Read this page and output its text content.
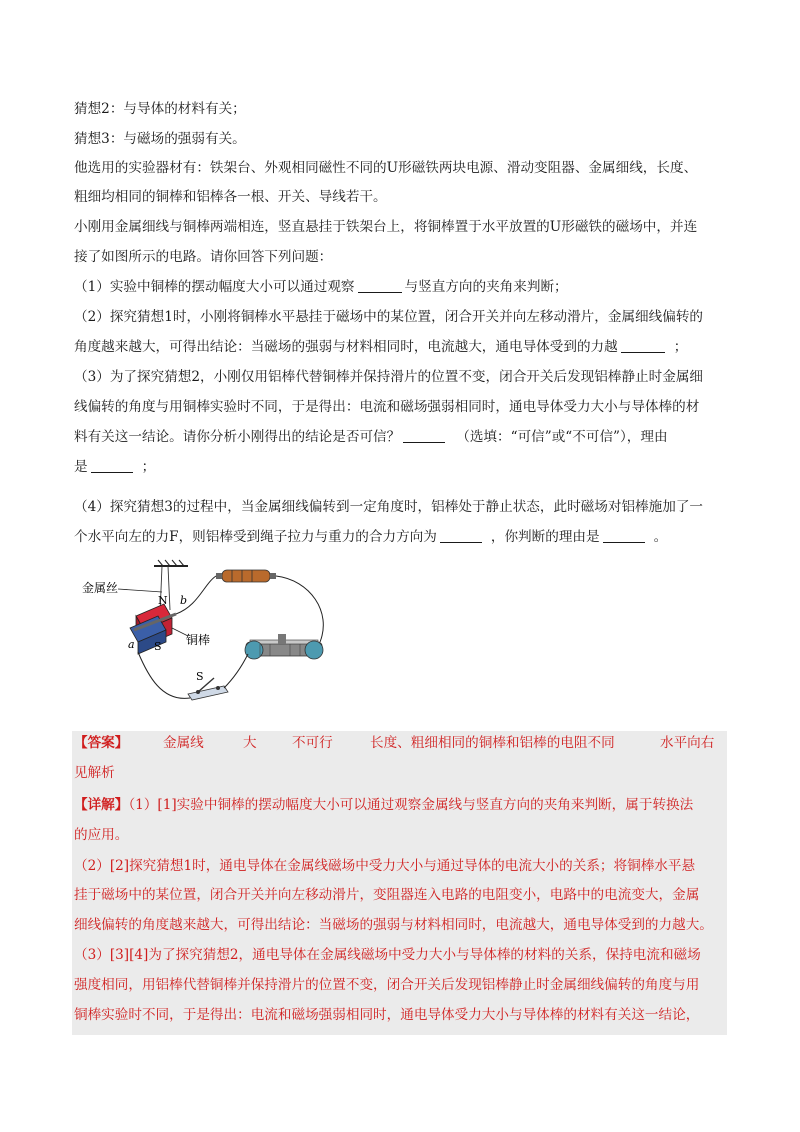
猜想2：与导体的材料有关；
猜想3：与磁场的强弱有关。
他选用的实验器材有：铁架台、外观相同磁性不同的U形磁铁两块电源、滑动变阻器、金属细线，长度、
粗细均相同的铜棒和铝棒各一根、开关、导线若干。
小刚用金属细线与铜棒两端相连，竖直悬挂于铁架台上，将铜棒置于水平放置的U形磁铁的磁场中，并连
接了如图所示的电路。请你回答下列问题：
（1）实验中铜棒的摆动幅度大小可以通过观察	与竖直方向的夹角来判断；
（2）探究猜想1时，小刚将铜棒水平悬挂于磁场中的某位置，闭合开关并向左移动滑片，金属细线偏转的
角度越来越大，可得出结论：当磁场的强弱与材料相同时，电流越大，通电导体受到的力越	；
（3）为了探究猜想2，小刚仅用铝棒代替铜棒并保持滑片的位置不变，闭合开关后发现铝棒静止时金属细
线偏转的角度与用铜棒实验时不同，于是得出：电流和磁场强弱相同时，通电导体受力大小与导体棒的材
料有关这一结论。请你分析小刚得出的结论是否可信？	（选填：“可信”或“不可信”），理由
是	；
（4）探究猜想3的过程中，当金属细线偏转到一定角度时，铝棒处于静止状态，此时磁场对铝棒施加了一
个水平向左的力F，则铝棒受到绳子拉力与重力的合力方向为	，你判断的理由是	。
金属丝
N b
a S 铜棒
S
【答案】	金属线	大	不可行	长度、粗细相同的铜棒和铝棒的电阻不同	水平向右
见解析
【详解】（1）[1]实验中铜棒的摆动幅度大小可以通过观察金属线与竖直方向的夹角来判断，属于转换法
的应用。
（2）[2]探究猜想1时，通电导体在金属线磁场中受力大小与通过导体的电流大小的关系；将铜棒水平悬
挂于磁场中的某位置，闭合开关并向左移动滑片，变阻器连入电路的电阻变小，电路中的电流变大，金属
细线偏转的角度越来越大，可得出结论：当磁场的强弱与材料相同时，电流越大，通电导体受到的力越大。
（3）[3][4]为了探究猜想2，通电导体在金属线磁场中受力大小与导体棒的材料的关系，保持电流和磁场
强度相同，用铝棒代替铜棒并保持滑片的位置不变，闭合开关后发现铝棒静止时金属细线偏转的角度与用
铜棒实验时不同，于是得出：电流和磁场强弱相同时，通电导体受力大小与导体棒的材料有关这一结论，
